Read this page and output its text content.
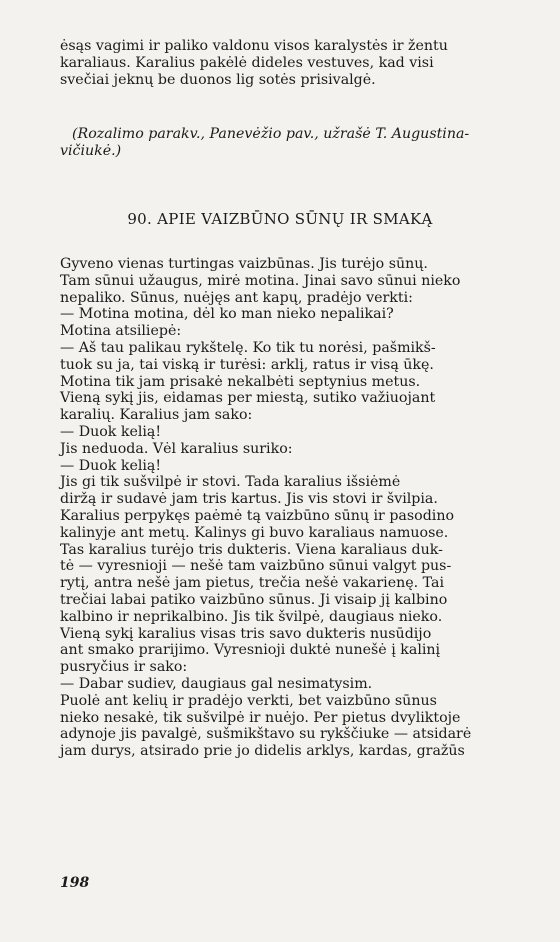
ėsąs vagimi ir paliko valdonu visos karalystės ir žentu

karaliaus. Karalius pakėlė dideles vestuves, kad visi

svečiai jeknų be duonos lig sotės prisivalgė.

(Rozalimo parakv., Panevėžio pav., užrašė T. Augustina-

vičiukė.)

90. APIE VAIZBŪNO SŪNŲ IR SMAKĄ

Gyveno vienas turtingas vaizbūnas. Jis turėjo sūnų.

Tam sūnui užaugus, mirė motina. Jinai savo sūnui nieko

nepaliko. Sūnus, nuėjęs ant kapų, pradėjo verkti:

— Motina motina, dėl ko man nieko nepalikai?

Motina atsiliepė:

— Aš tau palikau rykštelę. Ko tik tu norėsi, pašmikš-

tuok su ja, tai viską ir turėsi: arklį, ratus ir visą ūkę.

Motina tik jam prisakė nekalbėti septynius metus.

Vieną sykį jis, eidamas per miestą, sutiko važiuojant

karalių. Karalius jam sako:

— Duok kelią!

Jis neduoda. Vėl karalius suriko:

— Duok kelią!

Jis gi tik sušvilpė ir stovi. Tada karalius išsiėmė

diržą ir sudavė jam tris kartus. Jis vis stovi ir švilpia.

Karalius perpykęs paėmė tą vaizbūno sūnų ir pasodino

kalinyje ant metų. Kalinys gi buvo karaliaus namuose.

Tas karalius turėjo tris dukteris. Viena karaliaus duk-

tė — vyresnioji — nešė tam vaizbūno sūnui valgyt pus-

rytį, antra nešė jam pietus, trečia nešė vakarienę. Tai

trečiai labai patiko vaizbūno sūnus. Ji visaip jį kalbino

kalbino ir neprikalbino. Jis tik švilpė, daugiaus nieko.

Vieną sykį karalius visas tris savo dukteris nusūdijo

ant smako prarijimo. Vyresnioji duktė nunešė į kalinį

pusryčius ir sako:

— Dabar sudiev, daugiaus gal nesimatysim.

Puolė ant kelių ir pradėjo verkti, bet vaizbūno sūnus

nieko nesakė, tik sušvilpė ir nuėjo. Per pietus dvyliktoje

adynoje jis pavalgė, sušmikštavo su rykščiuke — atsidarė

jam durys, atsirado prie jo didelis arklys, kardas, gražūs

198
